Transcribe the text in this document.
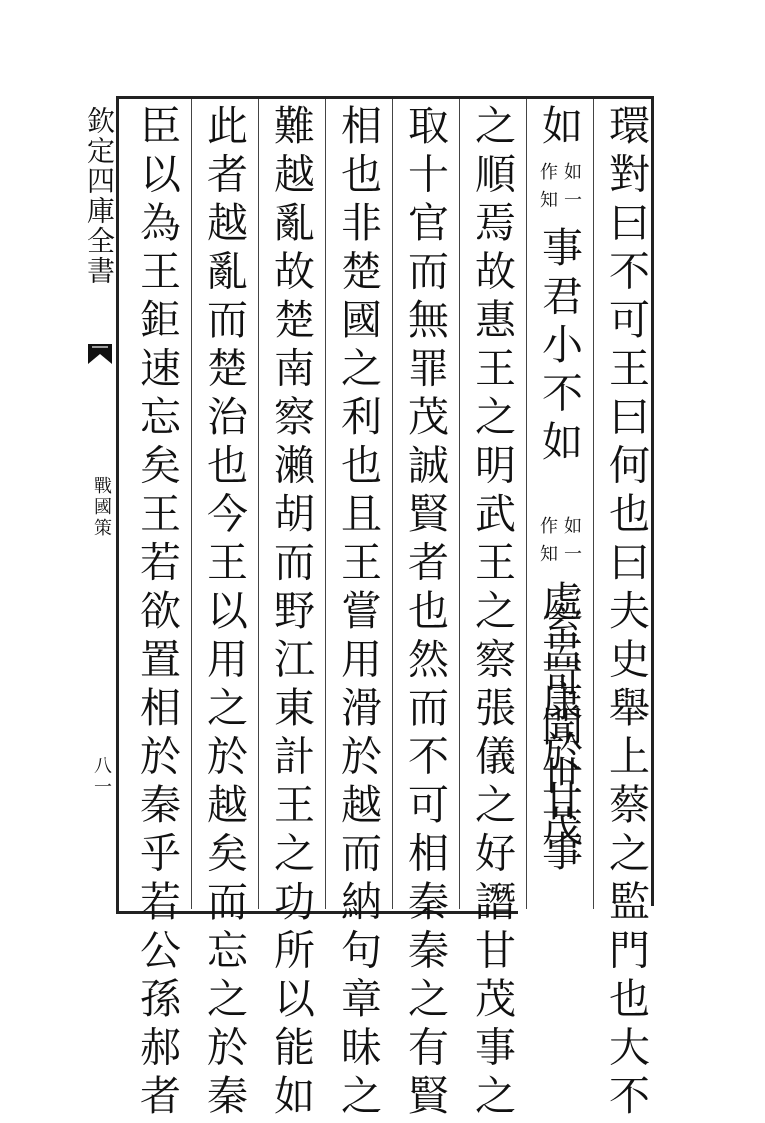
欽定四庫全書
戰國策
八一	環對曰不可王曰何也曰夫史舉上蔡之監門也大不
如
如一
作知
事君小不如
如一
作知
處室呂苛康聞於世甘茂事
之順焉故惠王之明武王之察張儀之好譖甘茂事之
取十官而無罪茂誠賢者也然而不可相秦秦之有賢
相也非楚國之利也且王嘗用滑於越而納句章昧之
難越亂故楚南察瀨胡而野江東計王之功所以能如
此者越亂而楚治也今王以用之於越矣而忘之於秦
臣以為王鉅速忘矣王若欲置相於秦乎若公孫郝者
